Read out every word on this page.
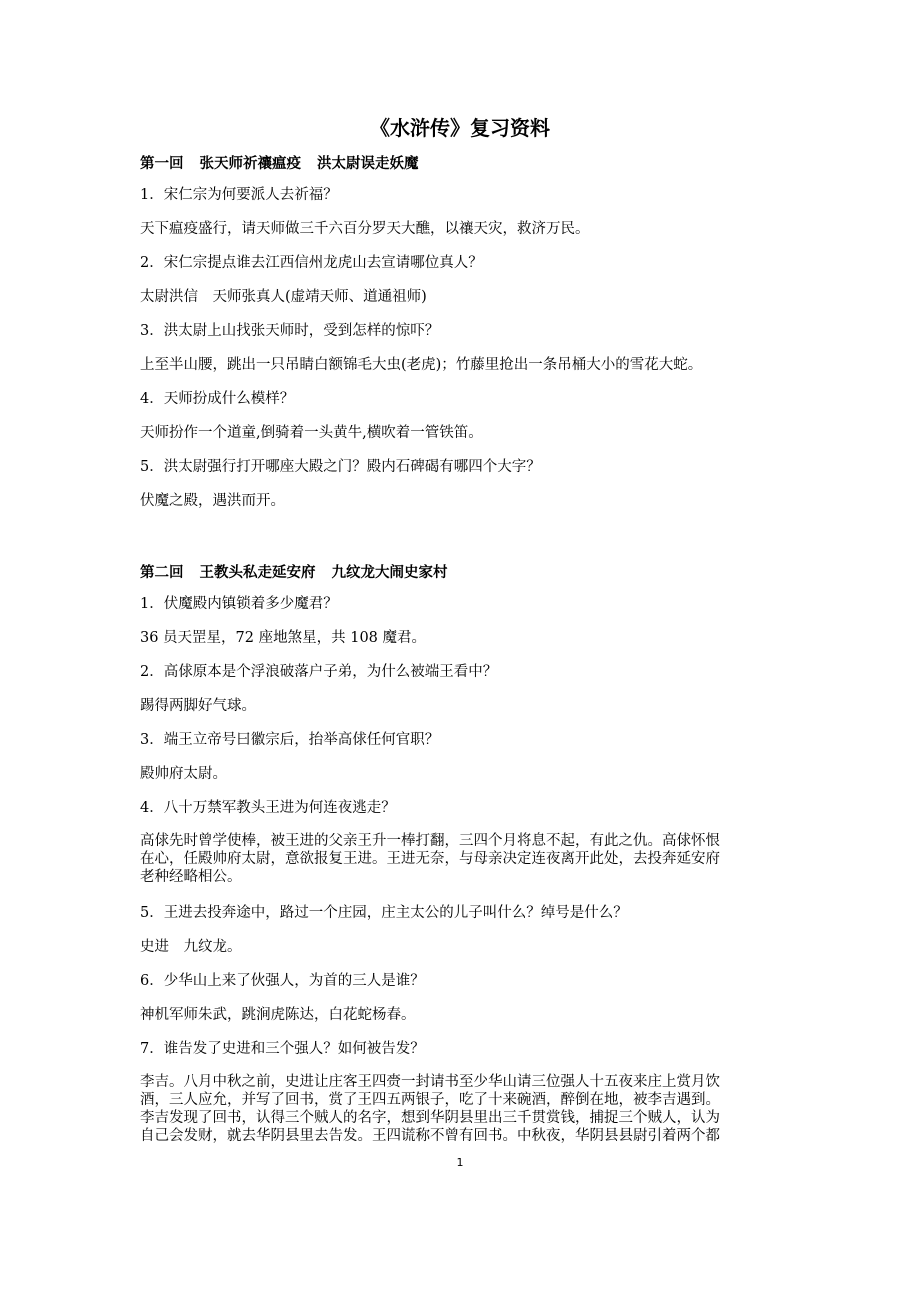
《水浒传》复习资料
第一回 张天师祈禳瘟疫 洪太尉误走妖魔
1．宋仁宗为何要派人去祈福？
天下瘟疫盛行，请天师做三千六百分罗天大醮，以禳天灾，救济万民。
2．宋仁宗提点谁去江西信州龙虎山去宣请哪位真人？
太尉洪信　天师张真人(虚靖天师、道通祖师)
3．洪太尉上山找张天师时，受到怎样的惊吓？
上至半山腰，跳出一只吊睛白额锦毛大虫(老虎)；竹藤里抢出一条吊桶大小的雪花大蛇。
4．天师扮成什么模样？
天师扮作一个道童,倒骑着一头黄牛,横吹着一管铁笛。
5．洪太尉强行打开哪座大殿之门？殿内石碑碣有哪四个大字？
伏魔之殿，遇洪而开。
第二回 王教头私走延安府 九纹龙大闹史家村
1．伏魔殿内镇锁着多少魔君？
36 员天罡星，72 座地煞星，共 108 魔君。
2．高俅原本是个浮浪破落户子弟，为什么被端王看中？
踢得两脚好气球。
3．端王立帝号曰徽宗后，抬举高俅任何官职？
殿帅府太尉。
4．八十万禁军教头王进为何连夜逃走？
高俅先时曾学使棒，被王进的父亲王升一棒打翻，三四个月将息不起，有此之仇。高俅怀恨
在心，任殿帅府太尉，意欲报复王进。王进无奈，与母亲决定连夜离开此处，去投奔延安府
老种经略相公。
5．王进去投奔途中，路过一个庄园，庄主太公的儿子叫什么？绰号是什么？
史进　九纹龙。
6．少华山上来了伙强人，为首的三人是谁？
神机军师朱武，跳涧虎陈达，白花蛇杨春。
7．谁告发了史进和三个强人？如何被告发？
李吉。八月中秋之前，史进让庄客王四赍一封请书至少华山请三位强人十五夜来庄上赏月饮
酒，三人应允，并写了回书，赏了王四五两银子，吃了十来碗酒，醉倒在地，被李吉遇到。
李吉发现了回书，认得三个贼人的名字，想到华阴县里出三千贯赏钱，捕捉三个贼人，认为
自己会发财，就去华阴县里去告发。王四谎称不曾有回书。中秋夜，华阴县县尉引着两个都
1
